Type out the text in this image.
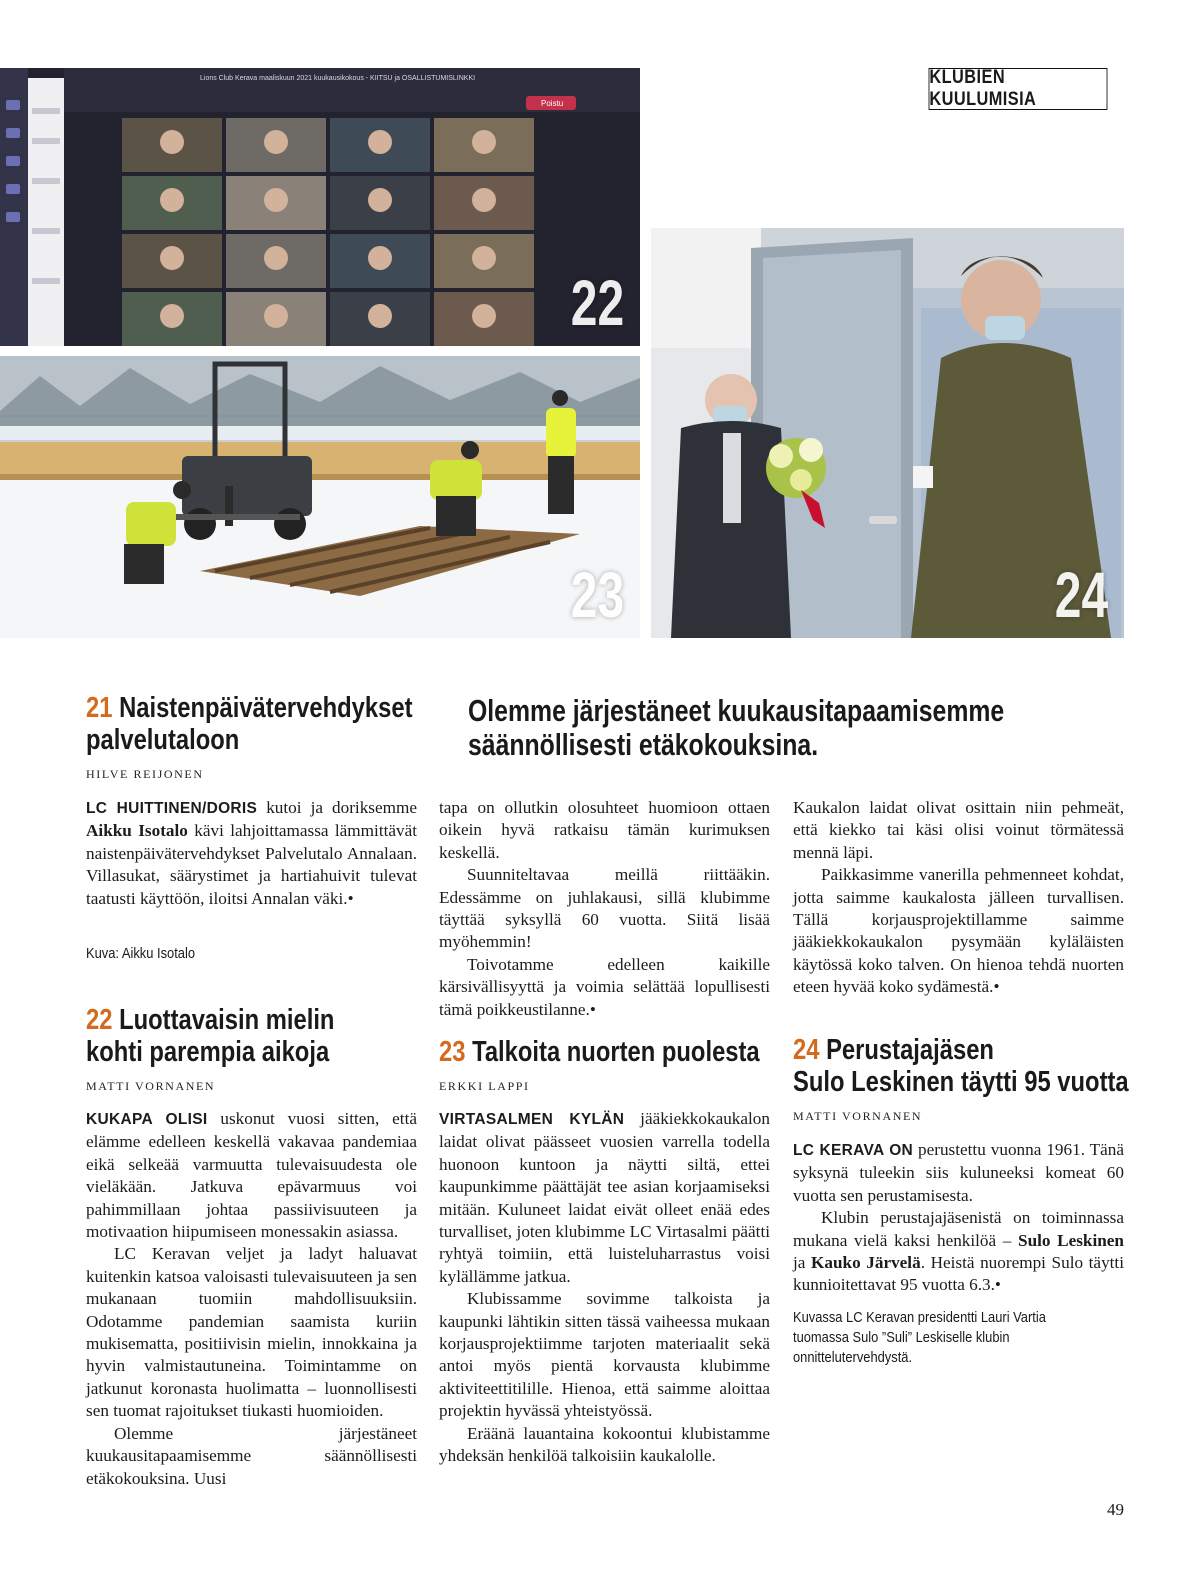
KLUBIEN KUULUMISIA
Poistu
Lions Club Kerava maaliskuun 2021 kuukausikokous - KIITSU ja OSALLISTUMISLINKKI
22
23	24
21 Naistenpäivätervehdykset
palvelutaloon
HILVE REIJONEN

LC HUITTINEN/DORIS kutoi ja doriksemme Aikku Isotalo kävi lahjoittamassa lämmittävät naistenpäivätervehdykset Palvelutalo Annalaan. Villasukat, säärystimet ja hartiahuivit tulevat taatusti käyttöön, iloitsi Annalan väki.•

Kuva: Aikku Isotalo
22 Luottavaisin mielin
kohti parempia aikoja
MATTI VORNANEN

KUKAPA OLISI uskonut vuosi sitten, että elämme edelleen keskellä vakavaa pandemiaa eikä selkeää varmuutta tulevaisuudesta ole vieläkään. Jatkuva epävarmuus voi pahimmillaan johtaa passiivisuuteen ja motivaation hiipumiseen monessakin asiassa.

LC Keravan veljet ja ladyt haluavat kuitenkin katsoa valoisasti tulevaisuuteen ja sen mukanaan tuomiin mahdollisuuksiin. Odotamme pandemian saamista kuriin mukisematta, positiivisin mielin, innokkaina ja hyvin valmistautuneina. Toimintamme on jatkunut koronasta huolimatta – luonnollisesti sen tuomat rajoitukset tiukasti huomioiden.

Olemme järjestäneet kuukausitapaamisemme säännöllisesti etäkokouksina. Uusi

Olemme järjestäneet kuukausitapaamisemme
säännöllisesti etäkokouksina.

tapa on ollutkin olosuhteet huomioon ottaen oikein hyvä ratkaisu tämän kurimuksen keskellä.

Suunniteltavaa meillä riittääkin. Edessämme on juhlakausi, sillä klubimme täyttää syksyllä 60 vuotta. Siitä lisää myöhemmin!

Toivotamme edelleen kaikille kärsivällisyyttä ja voimia selättää lopullisesti tämä poikkeustilanne.•

23 Talkoita nuorten puolesta
ERKKI LAPPI

VIRTASALMEN KYLÄN jääkiekkokaukalon laidat olivat päässeet vuosien varrella todella huonoon kuntoon ja näytti siltä, ettei kaupunkimme päättäjät tee asian korjaamiseksi mitään. Kuluneet laidat eivät olleet enää edes turvalliset, joten klubimme LC Virtasalmi päätti ryhtyä toimiin, että luisteluharrastus voisi kylällämme jatkua.

Klubissamme sovimme talkoista ja kaupunki lähtikin sitten tässä vaiheessa mukaan korjausprojektiimme tarjoten materiaalit sekä antoi myös pientä korvausta klubimme aktiviteettitilille. Hienoa, että saimme aloittaa projektin hyvässä yhteistyössä.

Eräänä lauantaina kokoontui klubistamme yhdeksän henkilöä talkoisiin kaukalolle.

Kaukalon laidat olivat osittain niin pehmeät, että kiekko tai käsi olisi voinut törmätessä mennä läpi.

Paikkasimme vanerilla pehmenneet kohdat, jotta saimme kaukalosta jälleen turvallisen. Tällä korjausprojektillamme saimme jääkiekkokaukalon pysymään kyläläisten käytössä koko talven. On hienoa tehdä nuorten eteen hyvää koko sydämestä.•

24 Perustajajäsen
Sulo Leskinen täytti 95 vuotta
MATTI VORNANEN

LC KERAVA ON perustettu vuonna 1961. Tänä syksynä tuleekin siis kuluneeksi komeat 60 vuotta sen perustamisesta.

Klubin perustajajäsenistä on toiminnassa mukana vielä kaksi henkilöä – Sulo Leskinen ja Kauko Järvelä. Heistä nuorempi Sulo täytti kunnioitettavat 95 vuotta 6.3.•

Kuvassa LC Keravan presidentti Lauri Vartia tuomassa Sulo ”Suli” Leskiselle klubin onnittelutervehdystä.
49
